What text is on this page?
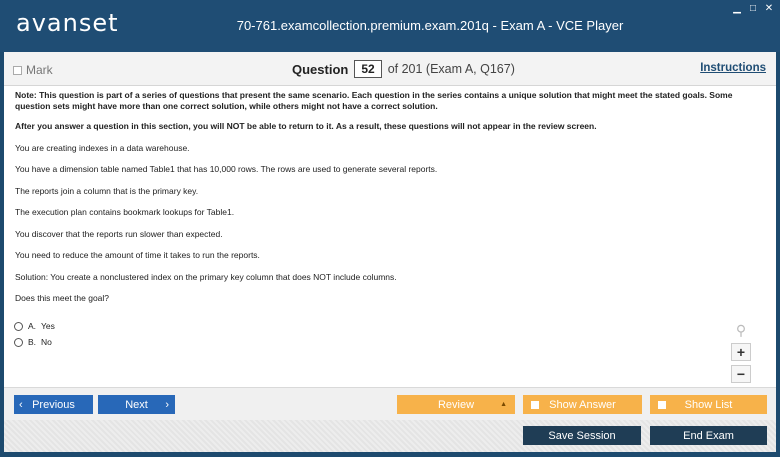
avanset	70-761.examcollection.premium.exam.201q - Exam A - VCE Player
▁ □ ✕
Mark	Question	52	of 201 (Exam A, Q167)	Instructions

Note: This question is part of a series of questions that present the same scenario. Each question in the series contains a unique solution that might meet the stated goals. Some question sets might have more than one correct solution, while others might not have a correct solution.

After you answer a question in this section, you will NOT be able to return to it. As a result, these questions will not appear in the review screen.

You are creating indexes in a data warehouse.

You have a dimension table named Table1 that has 10,000 rows. The rows are used to generate several reports.

The reports join a column that is the primary key.

The execution plan contains bookmark lookups for Table1.

You discover that the reports run slower than expected.

You need to reduce the amount of time it takes to run the reports.

Solution: You create a nonclustered index on the primary key column that does NOT include columns.

Does this meet the goal?

A. Yes
B. No
⚲
+
−
‹ Previous	Next ›	Review	▲	Show Answer	Show List
Save Session	End Exam
